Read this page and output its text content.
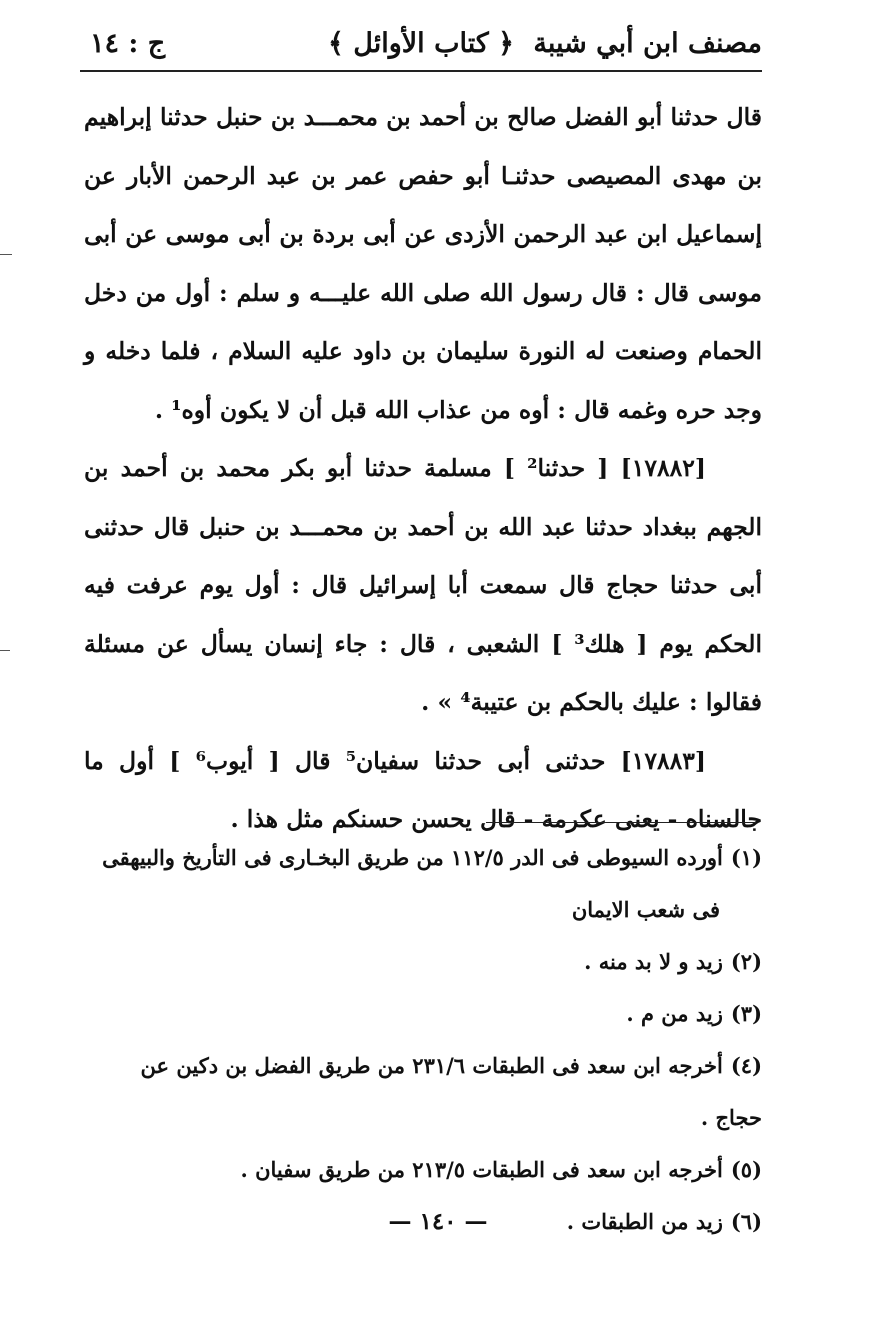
مصنف ابن أبي شيبة
﴿ كتاب الأوائل ﴾
ج : ١٤

قال حدثنا أبو الفضل صالح بن أحمد بن محمـــد بن حنبل حدثنا إبراهيم بن مهدى المصيصى حدثنـا أبو حفص عمر بن عبد الرحمن الأبار عن إسماعيل ابن عبد الرحمن الأزدى عن أبى بردة بن أبى موسى عن أبى موسى قال : قال رسول الله صلى الله عليـــه و سلم : أول من دخل الحمام وصنعت له النورة سليمان بن داود عليه السلام ، فلما دخله و وجد حره وغمه قال : أوه من عذاب الله قبل أن لا يكون أوه¹ .

[١٧٨٨٢] [ حدثنا² ] مسلمة حدثنا أبو بكر محمد بن أحمد بن الجهم ببغداد حدثنا عبد الله بن أحمد بن محمـــد بن حنبل قال حدثنى أبى حدثنا حجاج قال سمعت أبا إسرائيل قال : أول يوم عرفت فيه الحكم يوم [ هلك³ ] الشعبى ، قال : جاء إنسان يسأل عن مسئلة فقالوا : عليك بالحكم بن عتيبة⁴ » .

[١٧٨٨٣] حدثنى أبى حدثنا سفيان⁵ قال [ أيوب⁶ ] أول ما جالسناه - يعنى عكرمة - قال يحسن حسنكم مثل هذا .

(١)أورده السيوطى فى الدر ١١٢/٥ من طريق البخـارى فى التأريخ والبيهقى

فى شعب الايمان

(٢)زيد و لا بد منه .

(٣)زيد من م .

(٤)أخرجه ابن سعد فى الطبقات ٢٣١/٦ من طريق الفضل بن دكين عن حجاج .

(٥)أخرجه ابن سعد فى الطبقات ٢١٣/٥ من طريق سفيان .

(٦)زيد من الطبقات .

— ١٤٠ —
